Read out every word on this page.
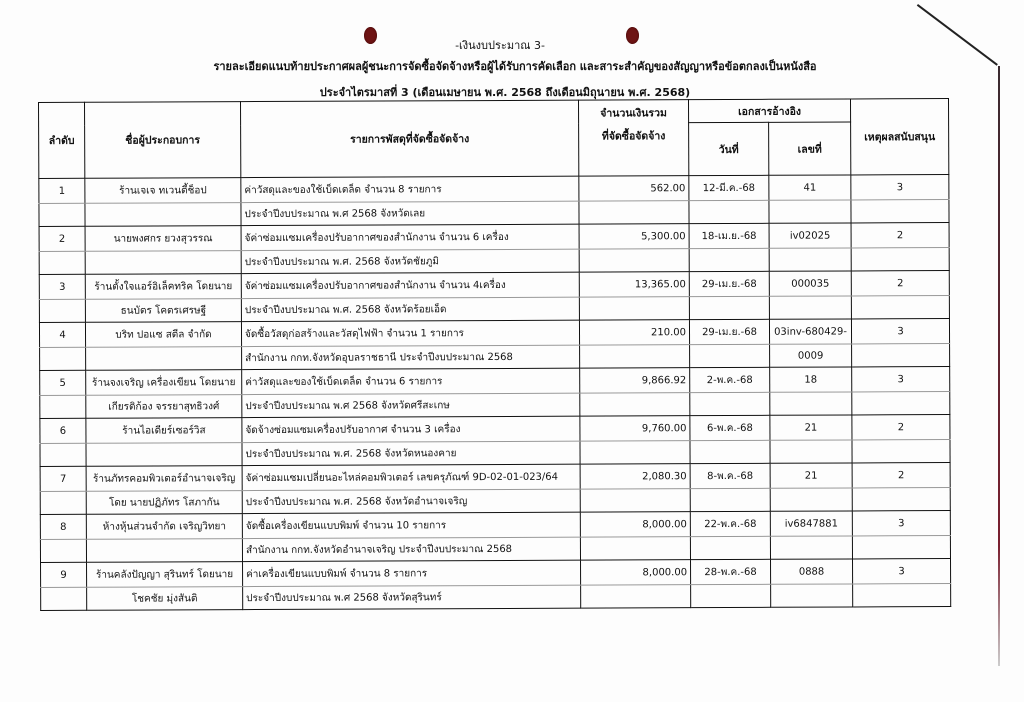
-เงินงบประมาณ 3-
รายละเอียดแนบท้ายประกาศผลผู้ชนะการจัดซื้อจัดจ้างหรือผู้ได้รับการคัดเลือก และสาระสำคัญของสัญญาหรือข้อตกลงเป็นหนังสือ
ประจำไตรมาสที่ 3 (เดือนเมษายน พ.ศ. 2568 ถึงเดือนมิถุนายน พ.ศ. 2568)
ลำดับ	ชื่อผู้ประกอบการ	รายการพัสดุที่จัดซื้อจัดจ้าง	จำนวนเงินรวม
ที่จัดซื้อจัดจ้าง	เอกสารอ้างอิง		เหตุผลสนับสนุน
				วันที่	เลขที่	
1	ร้านเจเจ ทเวนตี้ช็อป	ค่าวัสดุและของใช้เบ็ดเตล็ด จำนวน 8 รายการ	562.00	12-มี.ค.-68	41	3
		ประจำปีงบประมาณ พ.ศ 2568 จังหวัดเลย				
2	นายพงศกร ยวงสุวรรณ	จัค่าซ่อมแซมเครื่องปรับอากาศของสำนักงาน จำนวน 6 เครื่อง	5,300.00	18-เม.ย.-68	iv02025	2
		ประจำปีงบประมาณ พ.ศ. 2568 จังหวัดชัยภูมิ				
3	ร้านตั้งใจแอร์อิเล็คทริค โดยนาย	จัค่าซ่อมแซมเครื่องปรับอากาศของสำนักงาน จำนวน 4เครื่อง	13,365.00	29-เม.ย.-68	000035	2
	ธนบัตร โคตรเศรษฐี	ประจำปีงบประมาณ พ.ศ. 2568 จังหวัดร้อยเอ็ด				
4	บริท ปอแซ สตีล จำกัด	จัดซื้อวัสดุก่อสร้างและวัสดุไฟฟ้า จำนวน 1 รายการ	210.00	29-เม.ย.-68	03inv-680429-	3
		สำนักงาน กกท.จังหวัดอุบลราชธานี ประจำปีงบประมาณ 2568			0009	
5	ร้านจงเจริญ เครื่องเขียน โดยนาย	ค่าวัสดุและของใช้เบ็ดเตล็ด จำนวน 6 รายการ	9,866.92	2-พ.ค.-68	18	3
	เกียรติก้อง จรรยาสุทธิวงศ์	ประจำปีงบประมาณ พ.ศ 2568 จังหวัดศรีสะเกษ				
6	ร้านไอเดียร์เซอร์วิส	จัดจ้างซ่อมแซมเครื่องปรับอากาศ จำนวน 3 เครื่อง	9,760.00	6-พ.ค.-68	21	2
		ประจำปีงบประมาณ พ.ศ. 2568 จังหวัดหนองคาย				
7	ร้านภัทรคอมพิวเตอร์อำนาจเจริญ	จัค่าซ่อมแซมเปลี่ยนอะไหล่คอมพิวเตอร์ เลขครุภัณฑ์ 9D-02-01-023/64	2,080.30	8-พ.ค.-68	21	2
	โดย นายปฏิภัทร โสภากัน	ประจำปีงบประมาณ พ.ศ. 2568 จังหวัดอำนาจเจริญ				
8	ห้างหุ้นส่วนจำกัด เจริญวิทยา	จัดซื้อเครื่องเขียนแบบพิมพ์ จำนวน 10 รายการ	8,000.00	22-พ.ค.-68	iv6847881	3
		สำนักงาน กกท.จังหวัดอำนาจเจริญ ประจำปีงบประมาณ 2568				
9	ร้านคลังปัญญา สุรินทร์ โดยนาย	ค่าเครื่องเขียนแบบพิมพ์ จำนวน 8 รายการ	8,000.00	28-พ.ค.-68	0888	3
	โชคชัย มุ่งสันติ	ประจำปีงบประมาณ พ.ศ 2568 จังหวัดสุรินทร์				
